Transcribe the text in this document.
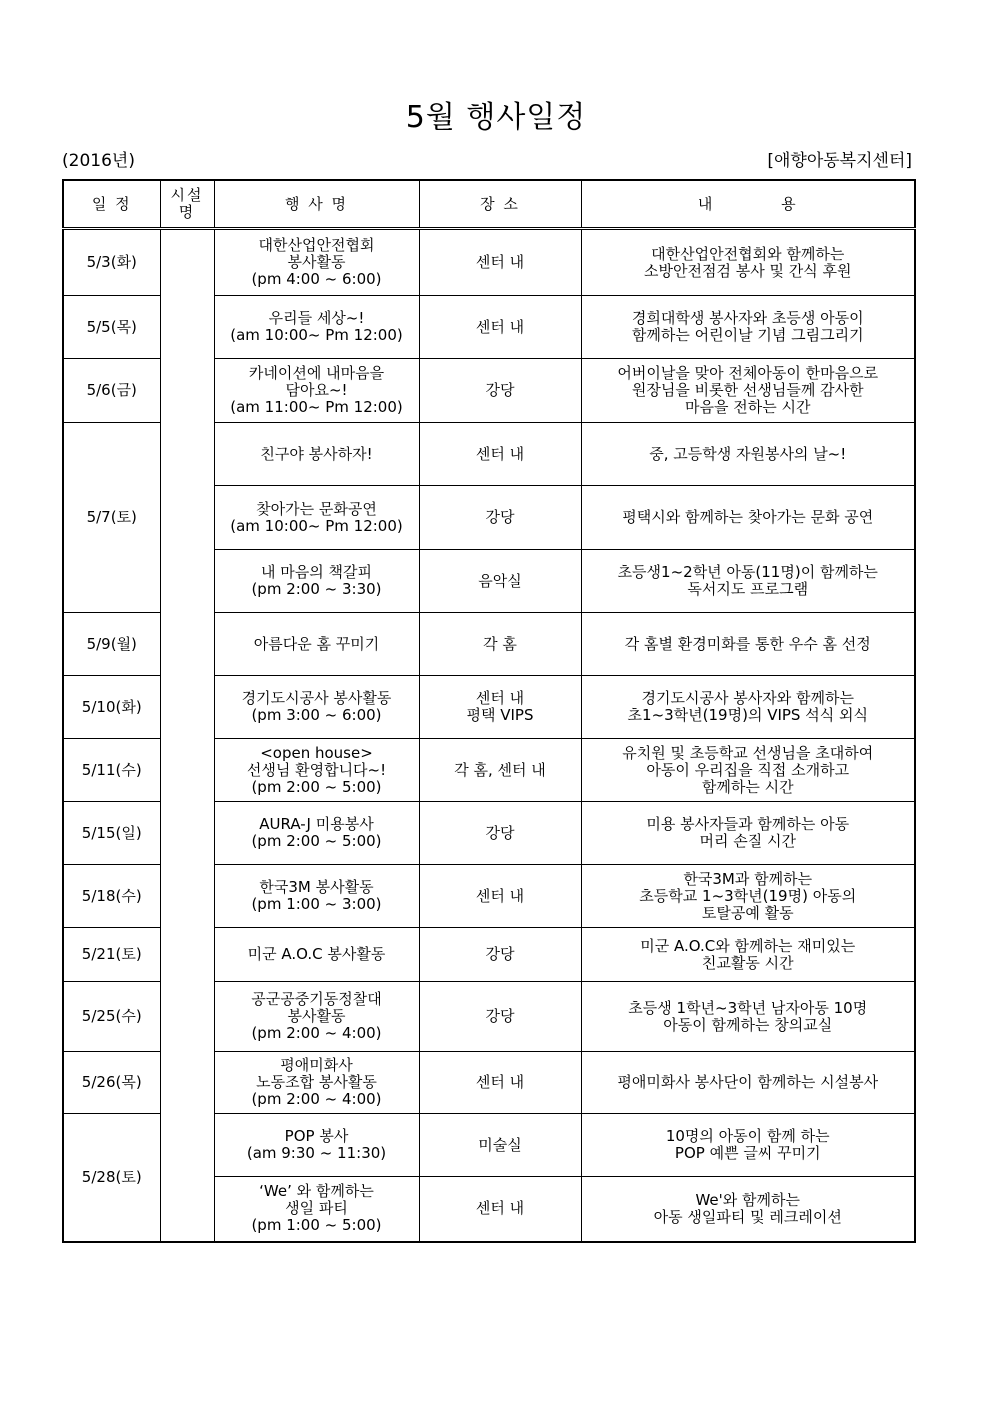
5월 행사일정
(2016년)	[애향아동복지센터]
일 정	시설
명	행 사 명	장 소	내 용
5/3(화)		대한산업안전협회
봉사활동
(pm 4:00 ~ 6:00)	센터 내	대한산업안전협회와 함께하는
소방안전점검 봉사 및 간식 후원

5/5(목)		우리들 세상~!
(am 10:00~ Pm 12:00)	센터 내	경희대학생 봉사자와 초등생 아동이
함께하는 어린이날 기념 그림그리기

5/6(금)		카네이션에 내마음을
담아요~!
(am 11:00~ Pm 12:00)	강당	어버이날을 맞아 전체아동이 한마음으로
원장님을 비롯한 선생님들께 감사한
마음을 전하는 시간

5/7(토)		친구야 봉사하자!	센터 내	중, 고등학생 자원봉사의 날~!

		찾아가는 문화공연
(am 10:00~ Pm 12:00)	강당	평택시와 함께하는 찾아가는 문화 공연

		내 마음의 책갈피
(pm 2:00 ~ 3:30)	음악실	초등생1~2학년 아동(11명)이 함께하는
독서지도 프로그램

5/9(월)		아름다운 홈 꾸미기	각 홈	각 홈별 환경미화를 통한 우수 홈 선정

5/10(화)		경기도시공사 봉사활동
(pm 3:00 ~ 6:00)	센터 내
평택 VIPS	경기도시공사 봉사자와 함께하는
초1~3학년(19명)의 VIPS 석식 외식

5/11(수)		<open house>
선생님 환영합니다~!
(pm 2:00 ~ 5:00)	각 홈, 센터 내	유치원 및 초등학교 선생님을 초대하여
아동이 우리집을 직접 소개하고
함께하는 시간

5/15(일)		AURA-J 미용봉사
(pm 2:00 ~ 5:00)	강당	미용 봉사자들과 함께하는 아동
머리 손질 시간

5/18(수)		한국3M 봉사활동
(pm 1:00 ~ 3:00)	센터 내	한국3M과 함께하는
초등학교 1~3학년(19명) 아동의
토탈공예 활동

5/21(토)		미군 A.O.C 봉사활동	강당	미군 A.O.C와 함께하는 재미있는
친교활동 시간

5/25(수)		공군공중기동정찰대
봉사활동
(pm 2:00 ~ 4:00)	강당	초등생 1학년~3학년 남자아동 10명
아동이 함께하는 창의교실

5/26(목)		평애미화사
노동조합 봉사활동
(pm 2:00 ~ 4:00)	센터 내	평애미화사 봉사단이 함께하는 시설봉사

5/28(토)		POP 봉사
(am 9:30 ~ 11:30)	미술실	10명의 아동이 함께 하는
POP 예쁜 글씨 꾸미기

		‘We’ 와 함께하는
생일 파티
(pm 1:00 ~ 5:00)	센터 내	We'와 함께하는
아동 생일파티 및 레크레이션
